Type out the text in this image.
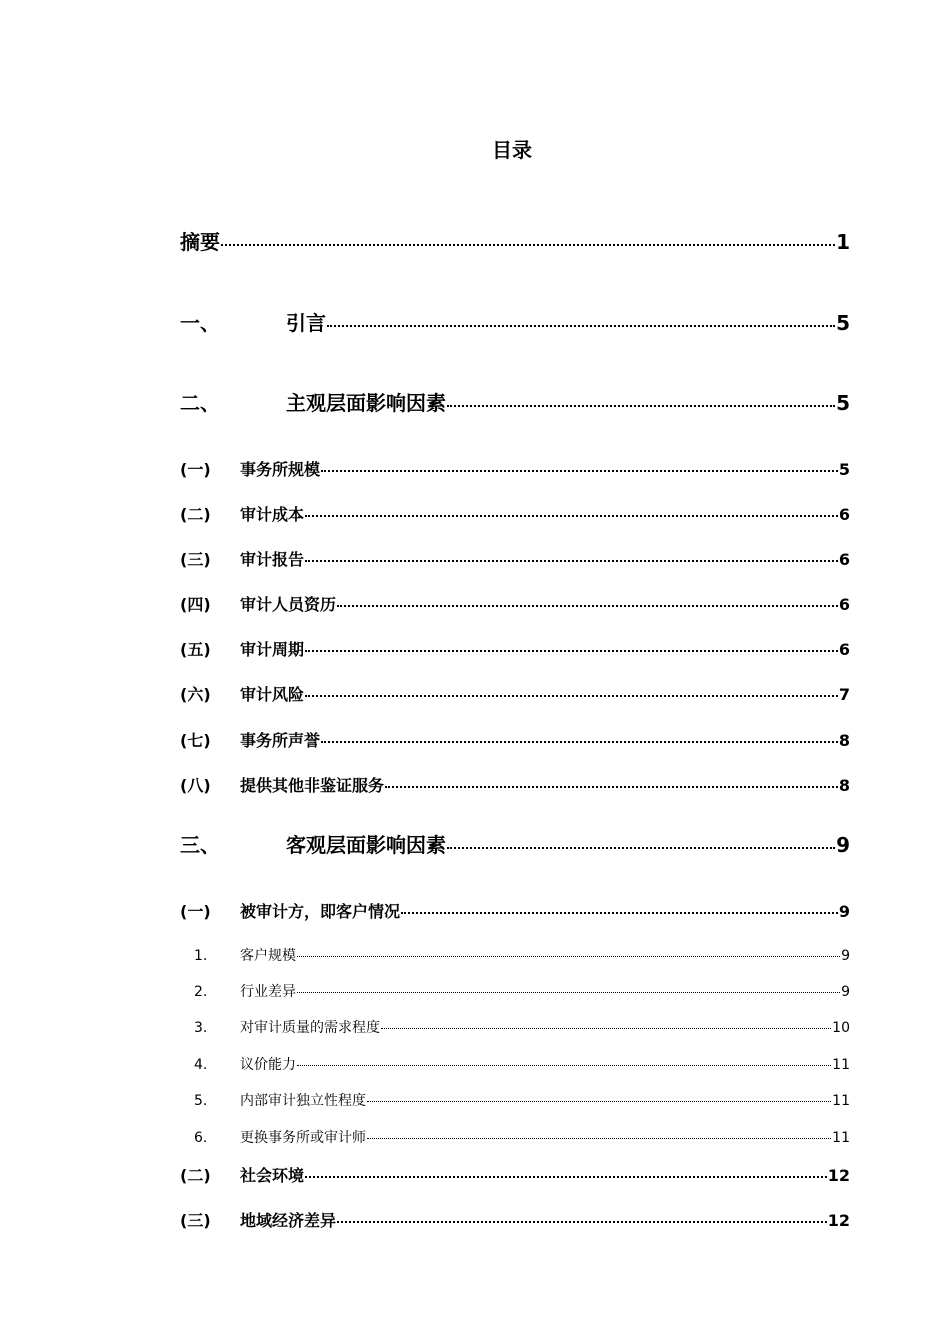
目录
摘要	1
一、	引言	5
二、	主观层面影响因素	5
(一)	事务所规模	5
(二)	审计成本	6
(三)	审计报告	6
(四)	审计人员资历	6
(五)	审计周期	6
(六)	审计风险	7
(七)	事务所声誉	8
(八)	提供其他非鉴证服务	8
三、	客观层面影响因素	9
(一)	被审计方，即客户情况	9
1.	客户规模	9
2.	行业差异	9
3.	对审计质量的需求程度	10
4.	议价能力	11
5.	内部审计独立性程度	11
6.	更换事务所或审计师	11
(二)	社会环境	12
(三)	地域经济差异	12
